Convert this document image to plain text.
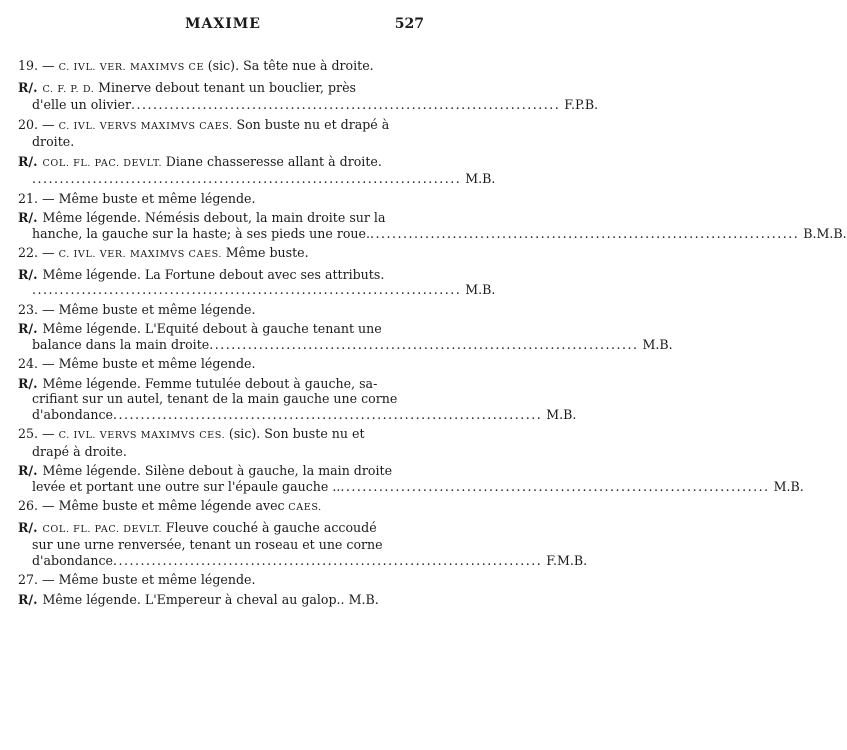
MAXIME	527
19. — C. IVL. VER. MAXIMVS CE (sic). Sa tête nue à droite.
R/. C. F. P. D. Minerve debout tenant un bouclier, près
d'elle un olivier .............................................................................. F.P.B.
20. — C. IVL. VERVS MAXIMVS CAES. Son buste nu et drapé à
droite.
R/. COL. FL. PAC. DEVLT. Diane chasseresse allant à droite.
.............................................................................. M.B.
21. — Même buste et même légende.
R/. Même légende. Némésis debout, la main droite sur la
hanche, la gauche sur la haste; à ses pieds une roue. .............................................................................. B.M.B.
22. — C. IVL. VER. MAXIMVS CAES. Même buste.
R/. Même légende. La Fortune debout avec ses attributs.
.............................................................................. M.B.
23. — Même buste et même légende.
R/. Même légende. L'Equité debout à gauche tenant une
balance dans la main droite .............................................................................. M.B.
24. — Même buste et même légende.
R/. Même légende. Femme tutulée debout à gauche, sa-
crifiant sur un autel, tenant de la main gauche une corne
d'abondance .............................................................................. M.B.
25. — C. IVL. VERVS MAXIMVS CES. (sic). Son buste nu et
drapé à droite.
R/. Même légende. Silène debout à gauche, la main droite
levée et portant une outre sur l'épaule gauche .. .............................................................................. M.B.
26. — Même buste et même légende avec CAES.
R/. COL. FL. PAC. DEVLT. Fleuve couché à gauche accoudé
sur une urne renversée, tenant un roseau et une corne
d'abondance .............................................................................. F.M.B.
27. — Même buste et même légende.
R/. Même légende. L'Empereur à cheval au galop.. M.B.
